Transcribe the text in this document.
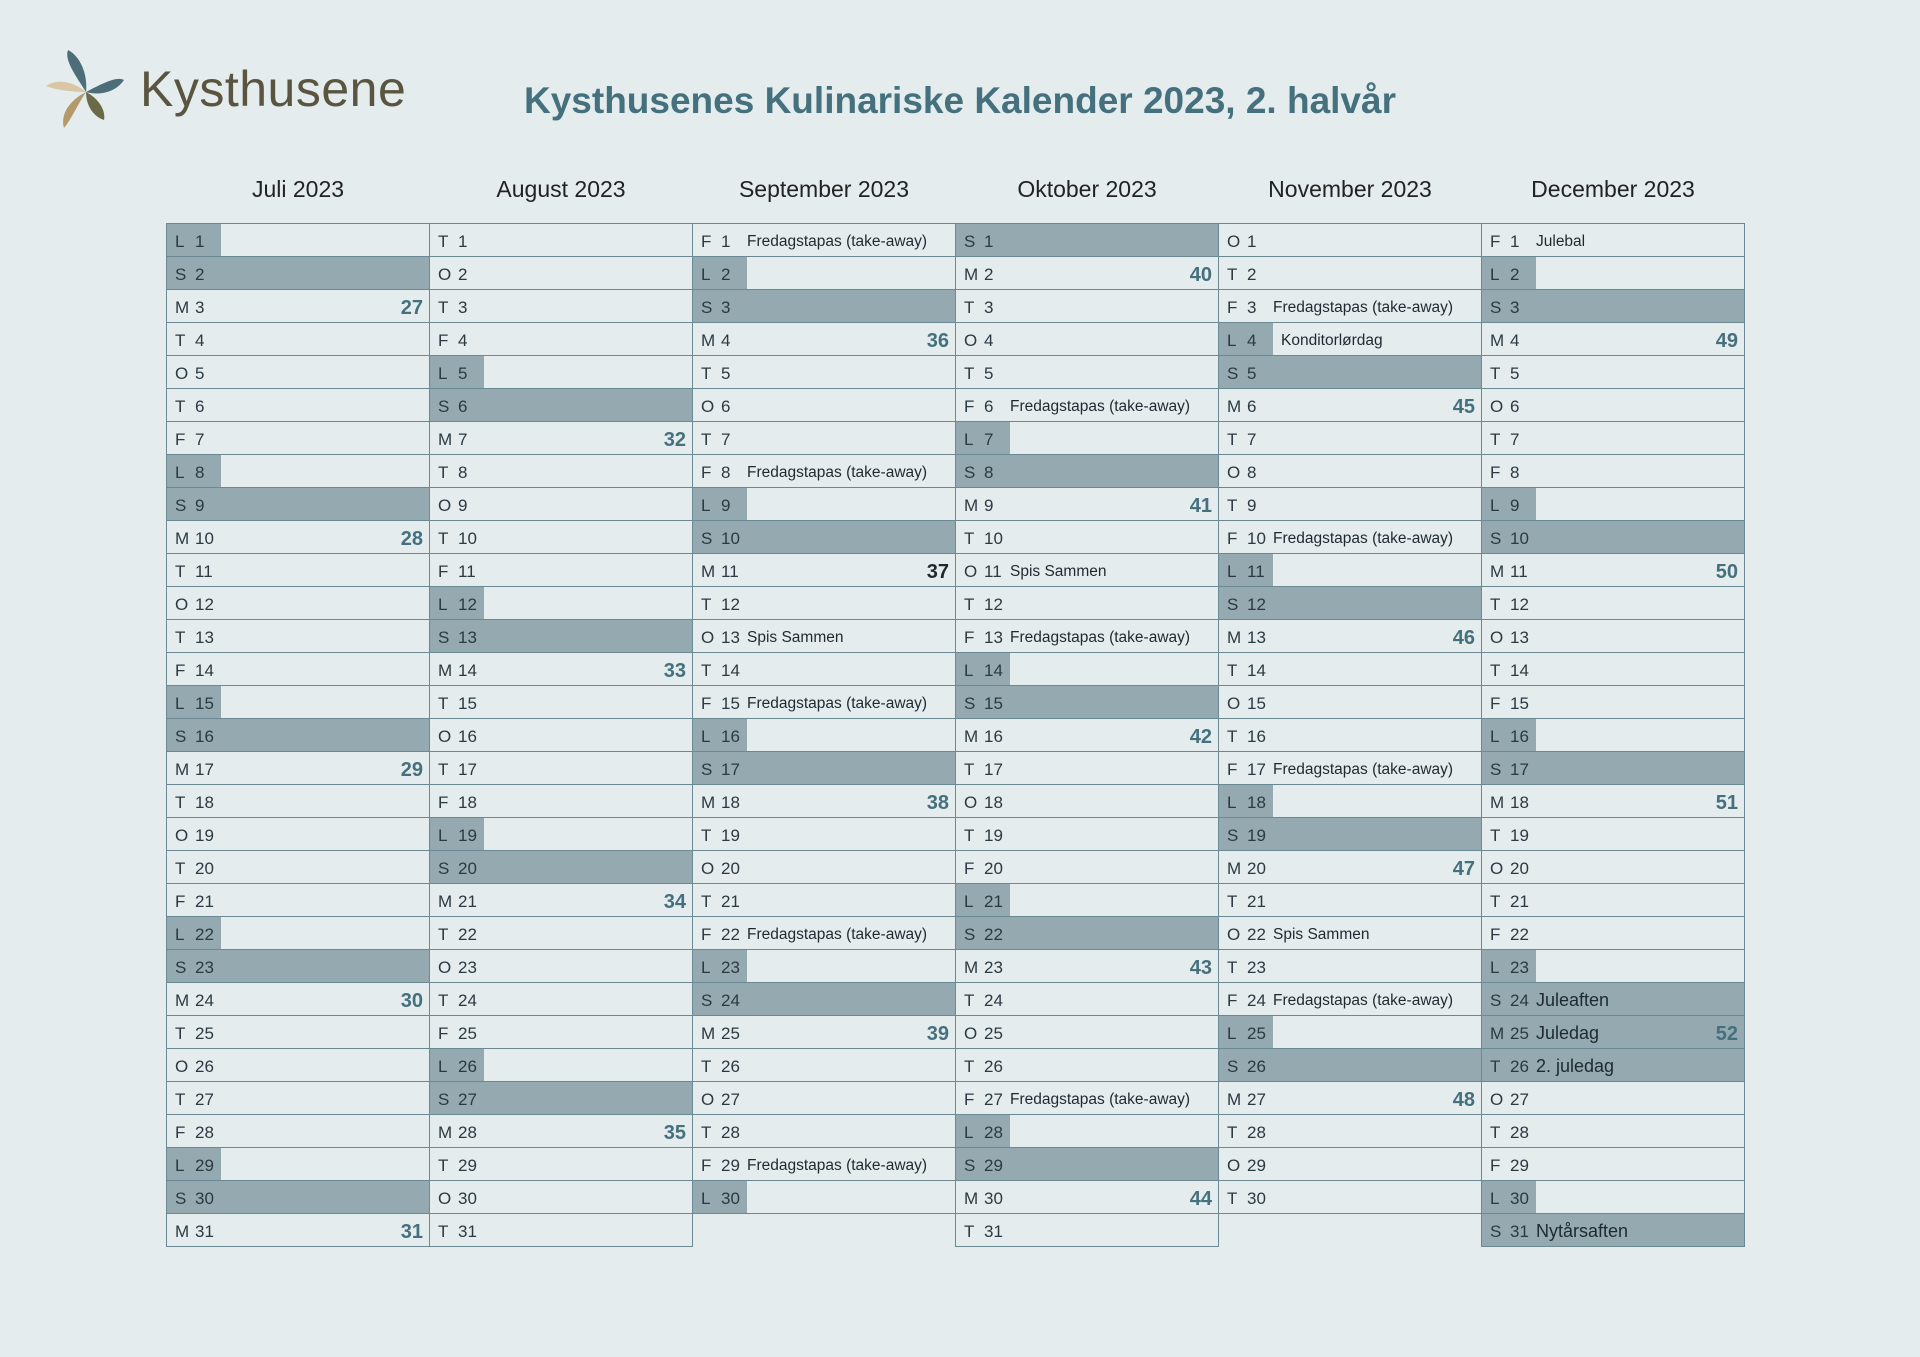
Kysthusene	Kysthusenes Kulinariske Kalender 2023, 2. halvår
Juli 2023
L 1
S 2
M 3	27
T 4
O 5
T 6
F 7
L 8
S 9
M 10	28
T 11
O 12
T 13
F 14
L 15
S 16
M 17	29
T 18
O 19
T 20
F 21
L 22
S 23
M 24	30
T 25
O 26
T 27
F 28
L 29
S 30
M 31	31
August 2023
T 1
O 2
T 3
F 4
L 5
S 6
M 7	32
T 8
O 9
T 10
F 11
L 12
S 13
M 14	33
T 15
O 16
T 17
F 18
L 19
S 20
M 21	34
T 22
O 23
T 24
F 25
L 26
S 27
M 28	35
T 29
O 30
T 31
September 2023
F 1 Fredagstapas (take-away)
L 2
S 3
M 4	36
T 5
O 6
T 7
F 8 Fredagstapas (take-away)
L 9
S 10
M 11	37
T 12
O 13 Spis Sammen
T 14
F 15 Fredagstapas (take-away)
L 16
S 17
M 18	38
T 19
O 20
T 21
F 22 Fredagstapas (take-away)
L 23
S 24
M 25	39
T 26
O 27
T 28
F 29 Fredagstapas (take-away)
L 30
Oktober 2023
S 1
M 2	40
T 3
O 4
T 5
F 6 Fredagstapas (take-away)
L 7
S 8
M 9	41
T 10
O 11 Spis Sammen
T 12
F 13 Fredagstapas (take-away)
L 14
S 15
M 16	42
T 17
O 18
T 19
F 20
L 21
S 22
M 23	43
T 24
O 25
T 26
F 27 Fredagstapas (take-away)
L 28
S 29
M 30	44
T 31
November 2023
O 1
T 2
F 3 Fredagstapas (take-away)
L 4 Konditorlørdag
S 5
M 6	45
T 7
O 8
T 9
F 10 Fredagstapas (take-away)
L 11
S 12
M 13	46
T 14
O 15
T 16
F 17 Fredagstapas (take-away)
L 18
S 19
M 20	47
T 21
O 22 Spis Sammen
T 23
F 24 Fredagstapas (take-away)
L 25
S 26
M 27	48
T 28
O 29
T 30
December 2023
F 1 Julebal
L 2
S 3
M 4	49
T 5
O 6
T 7
F 8
L 9
S 10
M 11	50
T 12
O 13
T 14
F 15
L 16
S 17
M 18	51
T 19
O 20
T 21
F 22
L 23
S 24 Juleaften
M 25 Juledag	52
T 26 2. juledag
O 27
T 28
F 29
L 30
S 31 Nytårsaften
